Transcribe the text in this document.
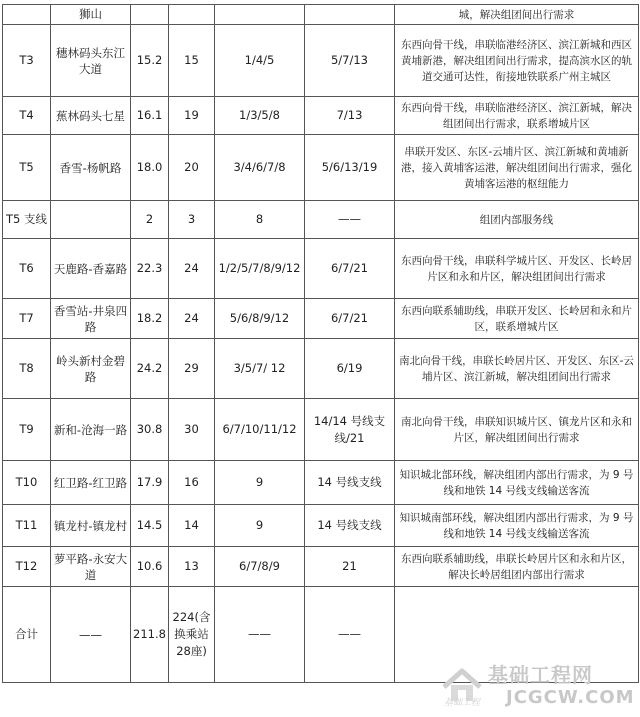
	狮山					城，解决组团间出行需求
T3	穗林码头东江大道	15.2	15	1/4/5	5/7/13	东西向骨干线，串联临港经济区、滨江新城和西区黄埔新港，解决组团间出行需求，提高滨水区的轨道交通可达性，衔接地铁联系广州主城区
T4	蕉林码头七星	16.1	19	1/3/5/8	7/13	东西向骨干线，串联临港经济区、滨江新城，解决组团间出行需求，联系增城片区
T5	香雪-杨帆路	18.0	20	3/4/6/7/8	5/6/13/19	串联开发区、东区-云埔片区、滨江新城和黄埔新港，接入黄埔客运港，解决组团间出行需求，强化黄埔客运港的枢纽能力
T5 支线		2	3	8	——	组团内部服务线
T6	天鹿路-香嘉路	22.3	24	1/2/5/7/8/9/12	6/7/21	东西向骨干线，串联科学城片区、开发区、长岭居片区和永和片区，解决组团间出行需求
T7	香雪站-井泉四路	18.2	24	5/6/8/9/12	6/7/21	东西向联系辅助线，串联开发区、长岭居和永和片区，联系增城片区
T8	岭头新村金碧路	24.2	29	3/5/7/ 12	6/19	南北向骨干线，串联长岭居片区、开发区、东区-云埔片区、滨江新城，解决组团间出行需求
T9	新和-沧海一路	30.8	30	6/7/10/11/12	14/14 号线支线/21	南北向骨干线，串联知识城片区、镇龙片区和永和片区，解决组团间出行需求
T10	红卫路-红卫路	17.9	16	9	14 号线支线	知识城北部环线，解决组团内部出行需求，为 9 号线和地铁 14 号线支线输送客流
T11	镇龙村-镇龙村	14.5	14	9	14 号线支线	知识城南部环线，解决组团内部出行需求，为 9 号线和地铁 14 号线支线输送客流
T12	萝平路-永安大道	10.6	13	6/7/8/9	21	东西向联系辅助线，串联长岭居片区和永和片区，解决长岭居组团内部出行需求
合计	——	211.8	224(含换乘站28座)	——	——	
基础工程网
基础工程 JCGCW.COM
